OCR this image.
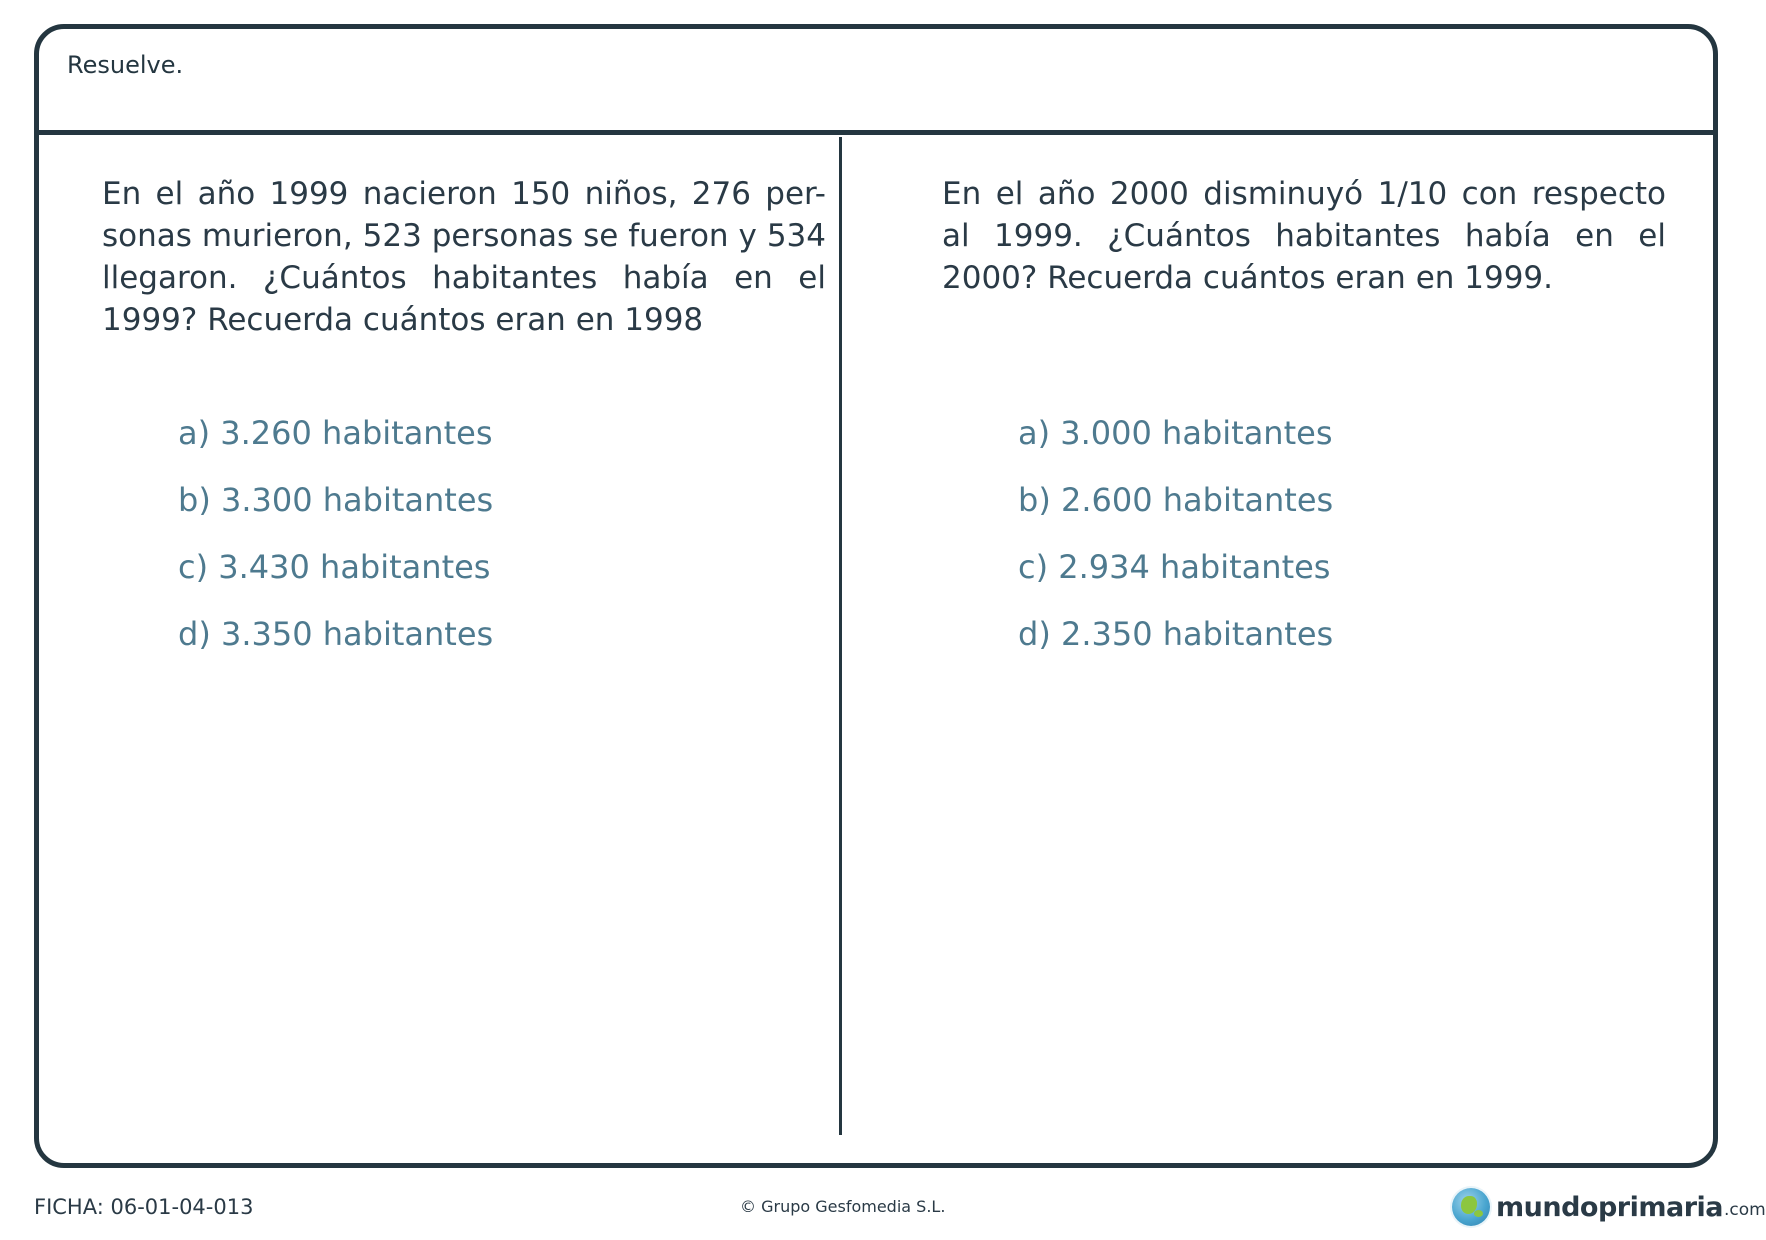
Resuelve.

En el año 1999 nacieron 150 niños, 276 per-sonas murieron, 523 personas se fueron y 534 llegaron. ¿Cuántos habitantes había en el 1999? Recuerda cuántos eran en 1998

a) 3.260 habitantes
b) 3.300 habitantes
c) 3.430 habitantes
d) 3.350 habitantes

En el año 2000 disminuyó 1/10 con respecto al 1999. ¿Cuántos habitantes había en el 2000? Recuerda cuántos eran en 1999.

a) 3.000 habitantes
b) 2.600 habitantes
c) 2.934 habitantes
d) 2.350 habitantes
FICHA: 06-01-04-013	© Grupo Gesfomedia S.L.	mundoprimaria .com
